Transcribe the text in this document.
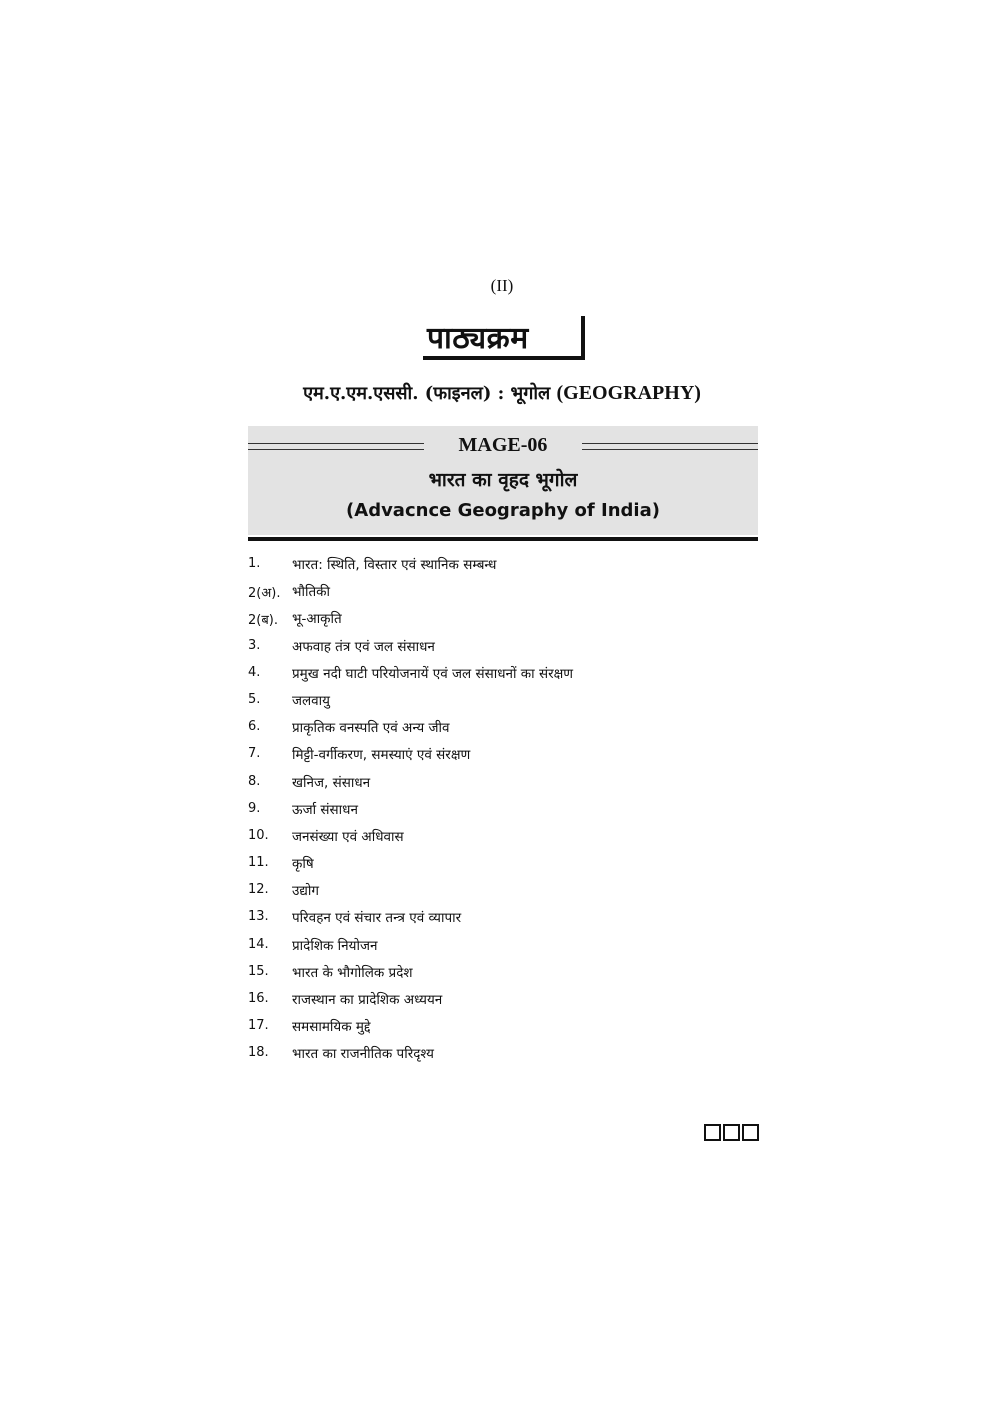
(II)
पाठ्यक्रम
एम.ए.एम.एससी. (फाइनल) : भूगोल (GEOGRAPHY)
MAGE-06
भारत का वृहद भूगोल
(Advacnce Geography of India)
1. भारत: स्थिति, विस्तार एवं स्थानिक सम्बन्ध
2(अ). भौतिकी
2(ब). भू-आकृति
3. अफवाह तंत्र एवं जल संसाधन
4. प्रमुख नदी घाटी परियोजनायें एवं जल संसाधनों का संरक्षण
5. जलवायु
6. प्राकृतिक वनस्पति एवं अन्य जीव
7. मिट्टी-वर्गीकरण, समस्याएं एवं संरक्षण
8. खनिज, संसाधन
9. ऊर्जा संसाधन
10. जनसंख्या एवं अधिवास
11. कृषि
12. उद्योग
13. परिवहन एवं संचार तन्त्र एवं व्यापार
14. प्रादेशिक नियोजन
15. भारत के भौगोलिक प्रदेश
16. राजस्थान का प्रादेशिक अध्ययन
17. समसामयिक मुद्दे
18. भारत का राजनीतिक परिदृश्य
